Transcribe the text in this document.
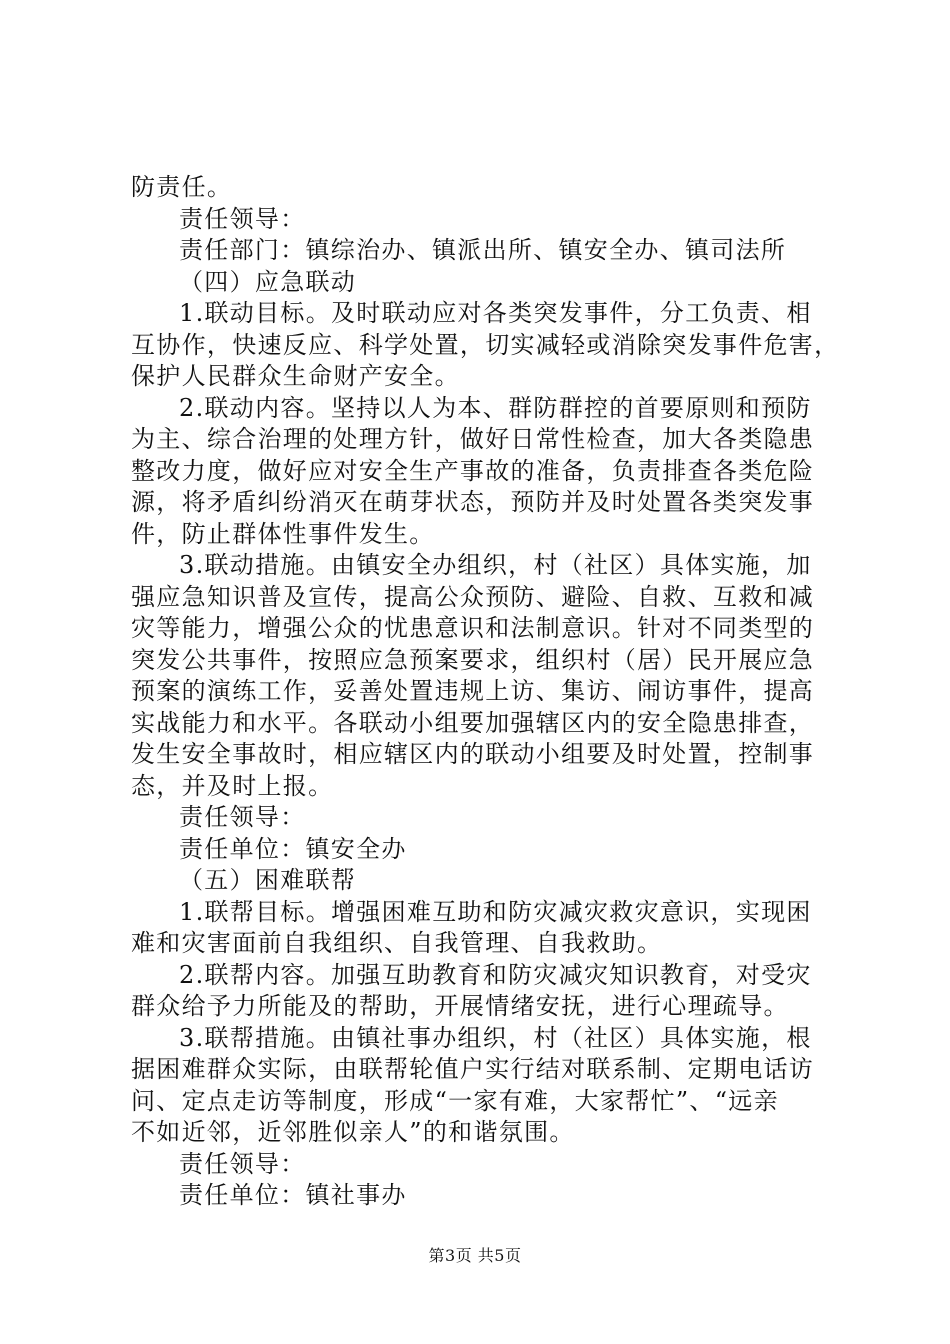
防责任。
责任领导：
责任部门：镇综治办、镇派出所、镇安全办、镇司法所
（四）应急联动
1.联动目标。及时联动应对各类突发事件，分工负责、相
互协作，快速反应、科学处置，切实减轻或消除突发事件危害，
保护人民群众生命财产安全。
2.联动内容。坚持以人为本、群防群控的首要原则和预防
为主、综合治理的处理方针，做好日常性检查，加大各类隐患
整改力度，做好应对安全生产事故的准备，负责排查各类危险
源，将矛盾纠纷消灭在萌芽状态，预防并及时处置各类突发事
件，防止群体性事件发生。
3.联动措施。由镇安全办组织，村（社区）具体实施，加
强应急知识普及宣传，提高公众预防、避险、自救、互救和减
灾等能力，增强公众的忧患意识和法制意识。针对不同类型的
突发公共事件，按照应急预案要求，组织村（居）民开展应急
预案的演练工作，妥善处置违规上访、集访、闹访事件，提高
实战能力和水平。各联动小组要加强辖区内的安全隐患排查，
发生安全事故时，相应辖区内的联动小组要及时处置，控制事
态，并及时上报。
责任领导：
责任单位：镇安全办
（五）困难联帮
1.联帮目标。增强困难互助和防灾减灾救灾意识，实现困
难和灾害面前自我组织、自我管理、自我救助。
2.联帮内容。加强互助教育和防灾减灾知识教育，对受灾
群众给予力所能及的帮助，开展情绪安抚，进行心理疏导。
3.联帮措施。由镇社事办组织，村（社区）具体实施，根
据困难群众实际，由联帮轮值户实行结对联系制、定期电话访
问、定点走访等制度，形成“一家有难，大家帮忙”、“远亲
不如近邻，近邻胜似亲人”的和谐氛围。
责任领导：
责任单位：镇社事办
第3页 共5页
